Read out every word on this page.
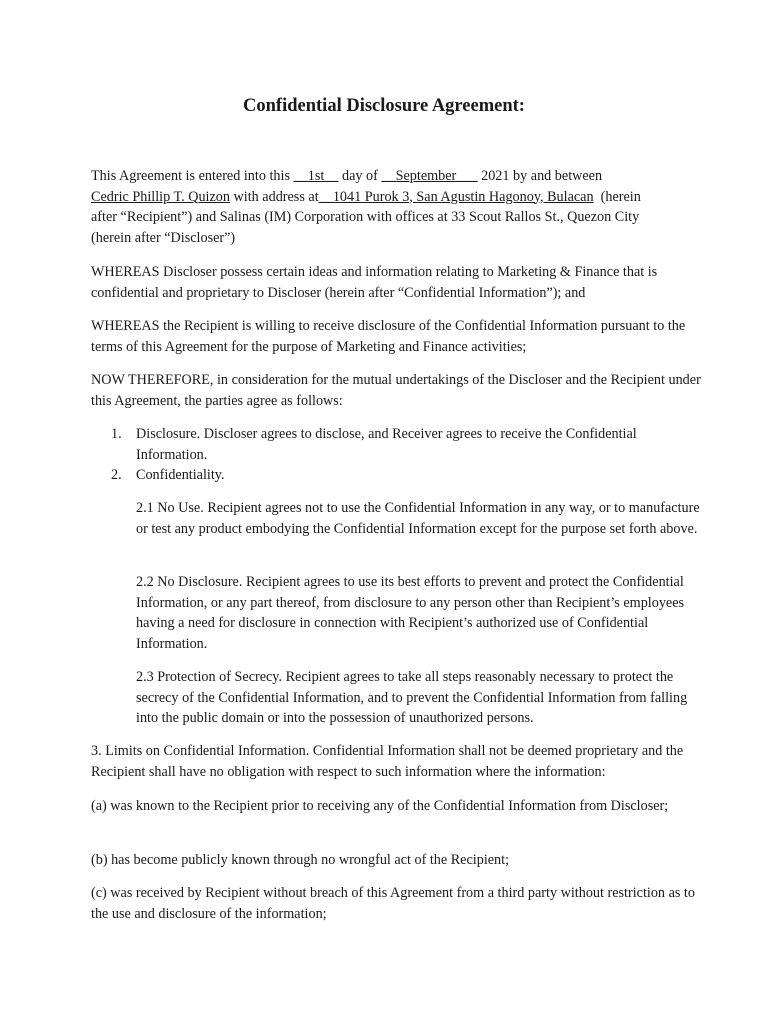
Confidential Disclosure Agreement:
This Agreement is entered into this __1st__ day of __September___ 2021 by and between
Cedric Phillip T. Quizon with address at__1041 Purok 3, San Agustin Hagonoy, Bulacan  (herein
after “Recipient”) and Salinas (IM) Corporation with offices at 33 Scout Rallos St., Quezon City
(herein after “Discloser”)
WHEREAS Discloser possess certain ideas and information relating to Marketing & Finance that is confidential and proprietary to Discloser (herein after “Confidential Information”); and
WHEREAS the Recipient is willing to receive disclosure of the Confidential Information pursuant to the terms of this Agreement for the purpose of Marketing and Finance activities;
NOW THEREFORE, in consideration for the mutual undertakings of the Discloser and the Recipient under this Agreement, the parties agree as follows:
1.	Disclosure. Discloser agrees to disclose, and Receiver agrees to receive the Confidential Information.
2.	Confidentiality.
2.1 No Use. Recipient agrees not to use the Confidential Information in any way, or to manufacture or test any product embodying the Confidential Information except for the purpose set forth above.
2.2 No Disclosure. Recipient agrees to use its best efforts to prevent and protect the Confidential Information, or any part thereof, from disclosure to any person other than Recipient’s employees having a need for disclosure in connection with Recipient’s authorized use of Confidential Information.
2.3 Protection of Secrecy. Recipient agrees to take all steps reasonably necessary to protect the secrecy of the Confidential Information, and to prevent the Confidential Information from falling into the public domain or into the possession of unauthorized persons.
3. Limits on Confidential Information. Confidential Information shall not be deemed proprietary and the Recipient shall have no obligation with respect to such information where the information:
(a) was known to the Recipient prior to receiving any of the Confidential Information from Discloser;
(b) has become publicly known through no wrongful act of the Recipient;
(c) was received by Recipient without breach of this Agreement from a third party without restriction as to the use and disclosure of the information;
